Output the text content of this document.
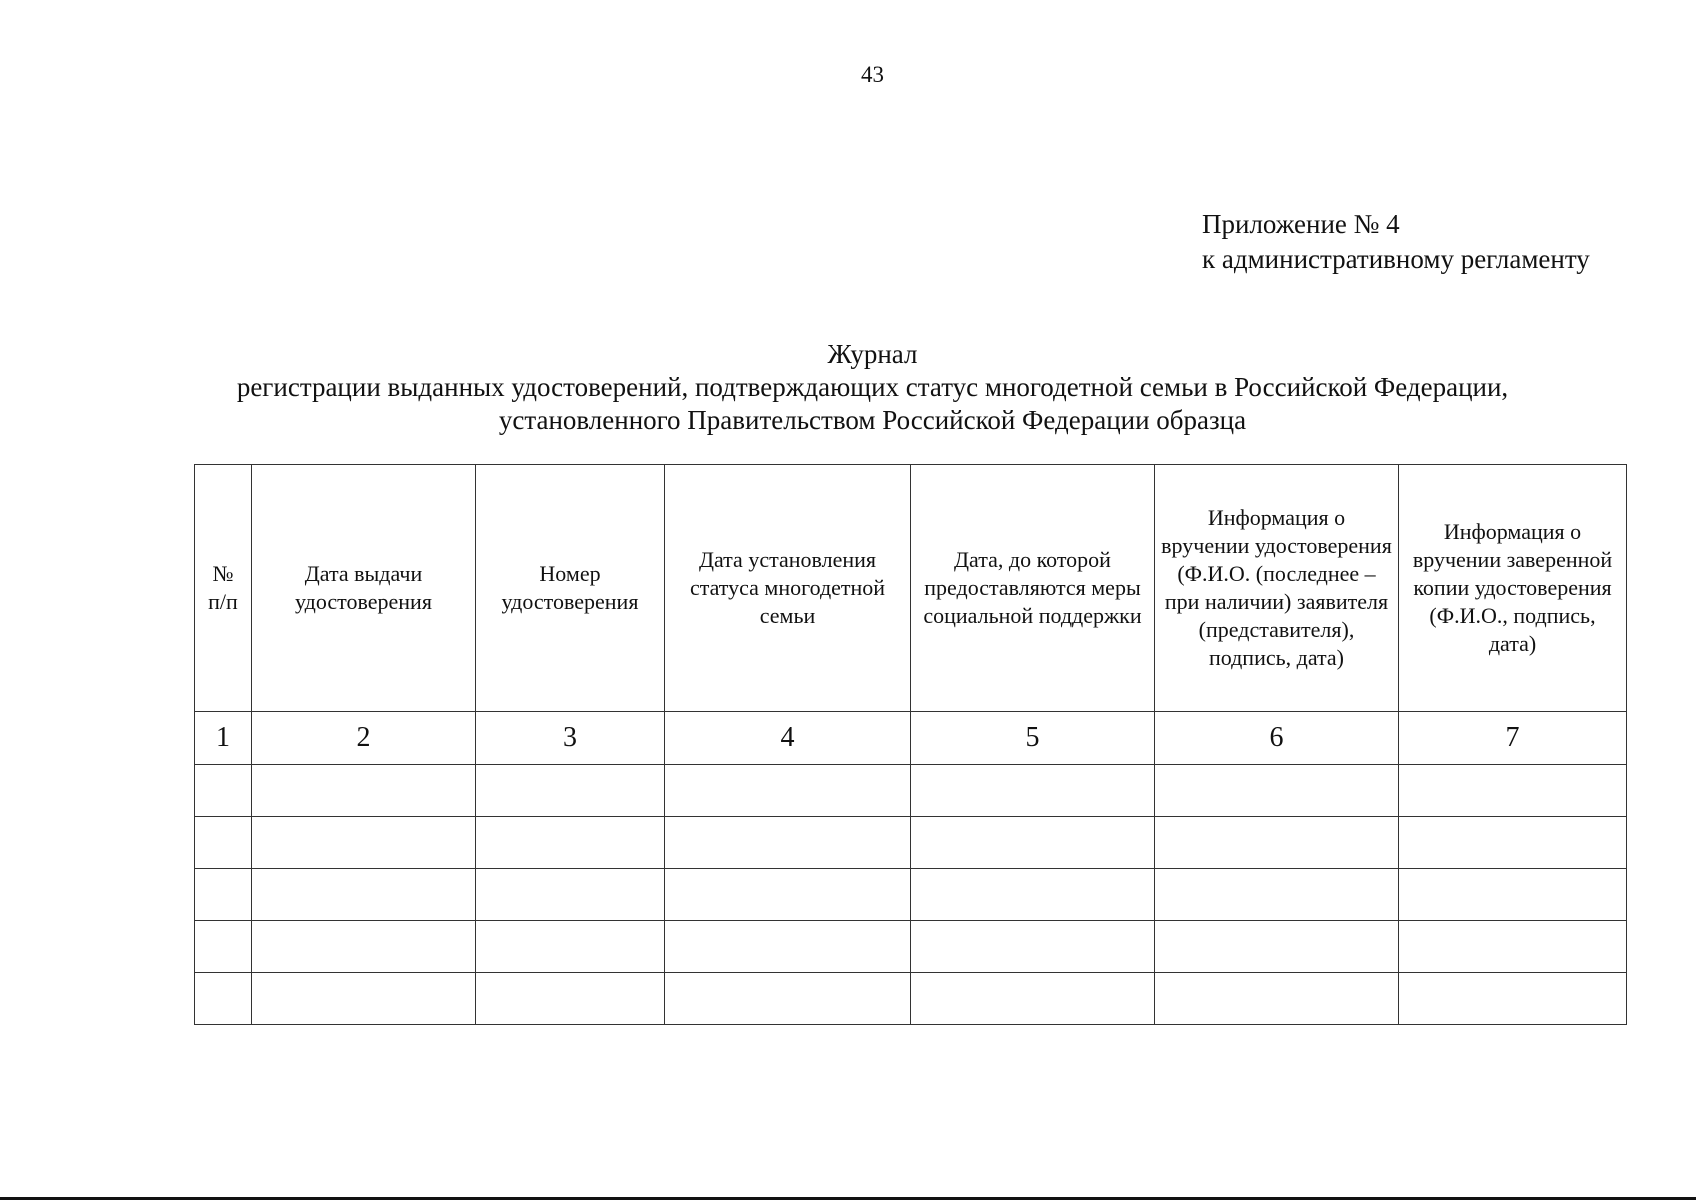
43
Приложение № 4
к административному регламенту
Журнал
регистрации выданных удостоверений, подтверждающих статус многодетной семьи в Российской Федерации,
установленного Правительством Российской Федерации образца
№ п/п	Дата выдачи удостоверения	Номер удостоверения	Дата установления статуса многодетной семьи	Дата, до которой предоставляются меры социальной поддержки	Информация о вручении удостоверения (Ф.И.О. (последнее – при наличии) заявителя (представителя), подпись, дата)	Информация о вручении заверенной копии удостоверения (Ф.И.О., подпись, дата)
1	2	3	4	5	6	7
